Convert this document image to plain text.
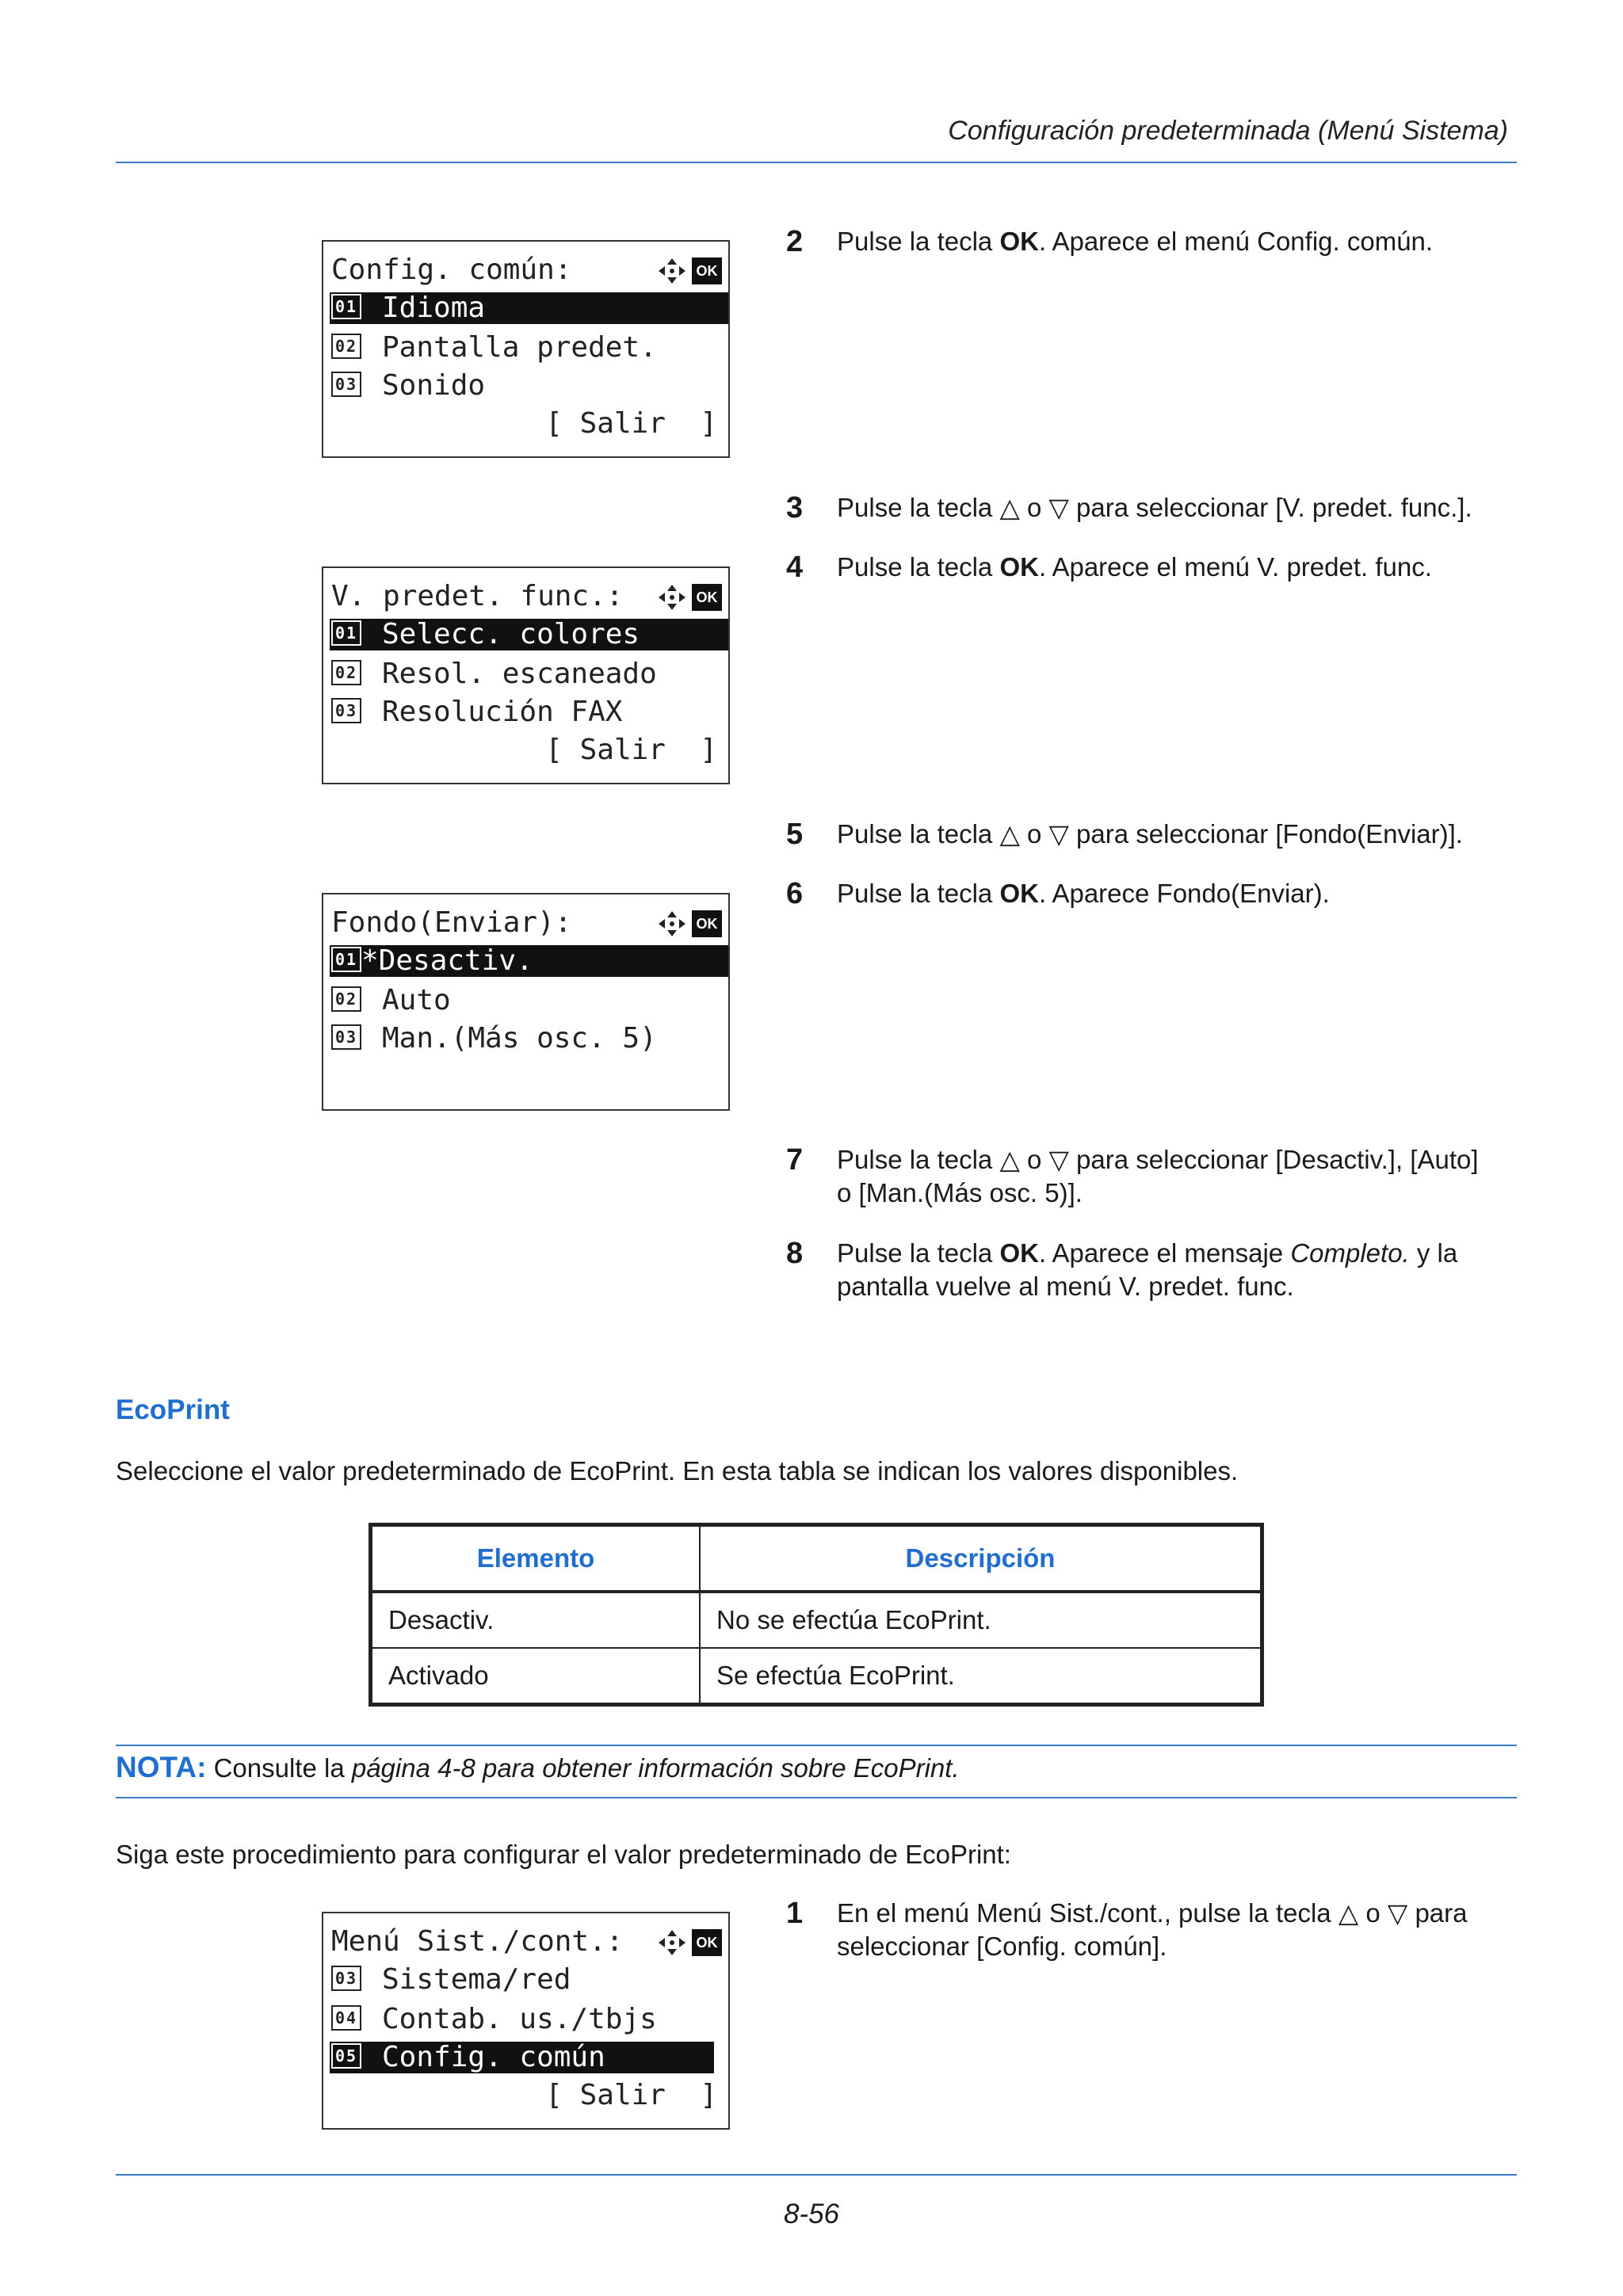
Configuración predeterminada (Menú Sistema)
Config. común:	OK
01 Idioma
02 Pantalla predet.
03 Sonido
[ Salir  ]
V. predet. func.:	OK
01 Selecc. colores
02 Resol. escaneado
03 Resolución FAX
[ Salir  ]
Fondo(Enviar):	OK
01 *Desactiv.
02 Auto
03 Man.(Más osc. 5)
2 Pulse la tecla OK. Aparece el menú Config. común.
3 Pulse la tecla △ o ▽ para seleccionar [V. predet. func.].
4 Pulse la tecla OK. Aparece el menú V. predet. func.
5 Pulse la tecla △ o ▽ para seleccionar [Fondo(Enviar)].
6 Pulse la tecla OK. Aparece Fondo(Enviar).
7 Pulse la tecla △ o ▽ para seleccionar [Desactiv.], [Auto]
o [Man.(Más osc. 5)].
8 Pulse la tecla OK. Aparece el mensaje Completo. y la
pantalla vuelve al menú V. predet. func.
EcoPrint
Seleccione el valor predeterminado de EcoPrint. En esta tabla se indican los valores disponibles.
Elemento	Descripción
Desactiv.	No se efectúa EcoPrint.
Activado	Se efectúa EcoPrint.
NOTA: Consulte la página 4-8 para obtener información sobre EcoPrint.
Siga este procedimiento para configurar el valor predeterminado de EcoPrint:
Menú Sist./cont.:	OK
03 Sistema/red
04 Contab. us./tbjs
05 Config. común
[ Salir  ]
1 En el menú Menú Sist./cont., pulse la tecla △ o ▽ para
seleccionar [Config. común].
8-56
